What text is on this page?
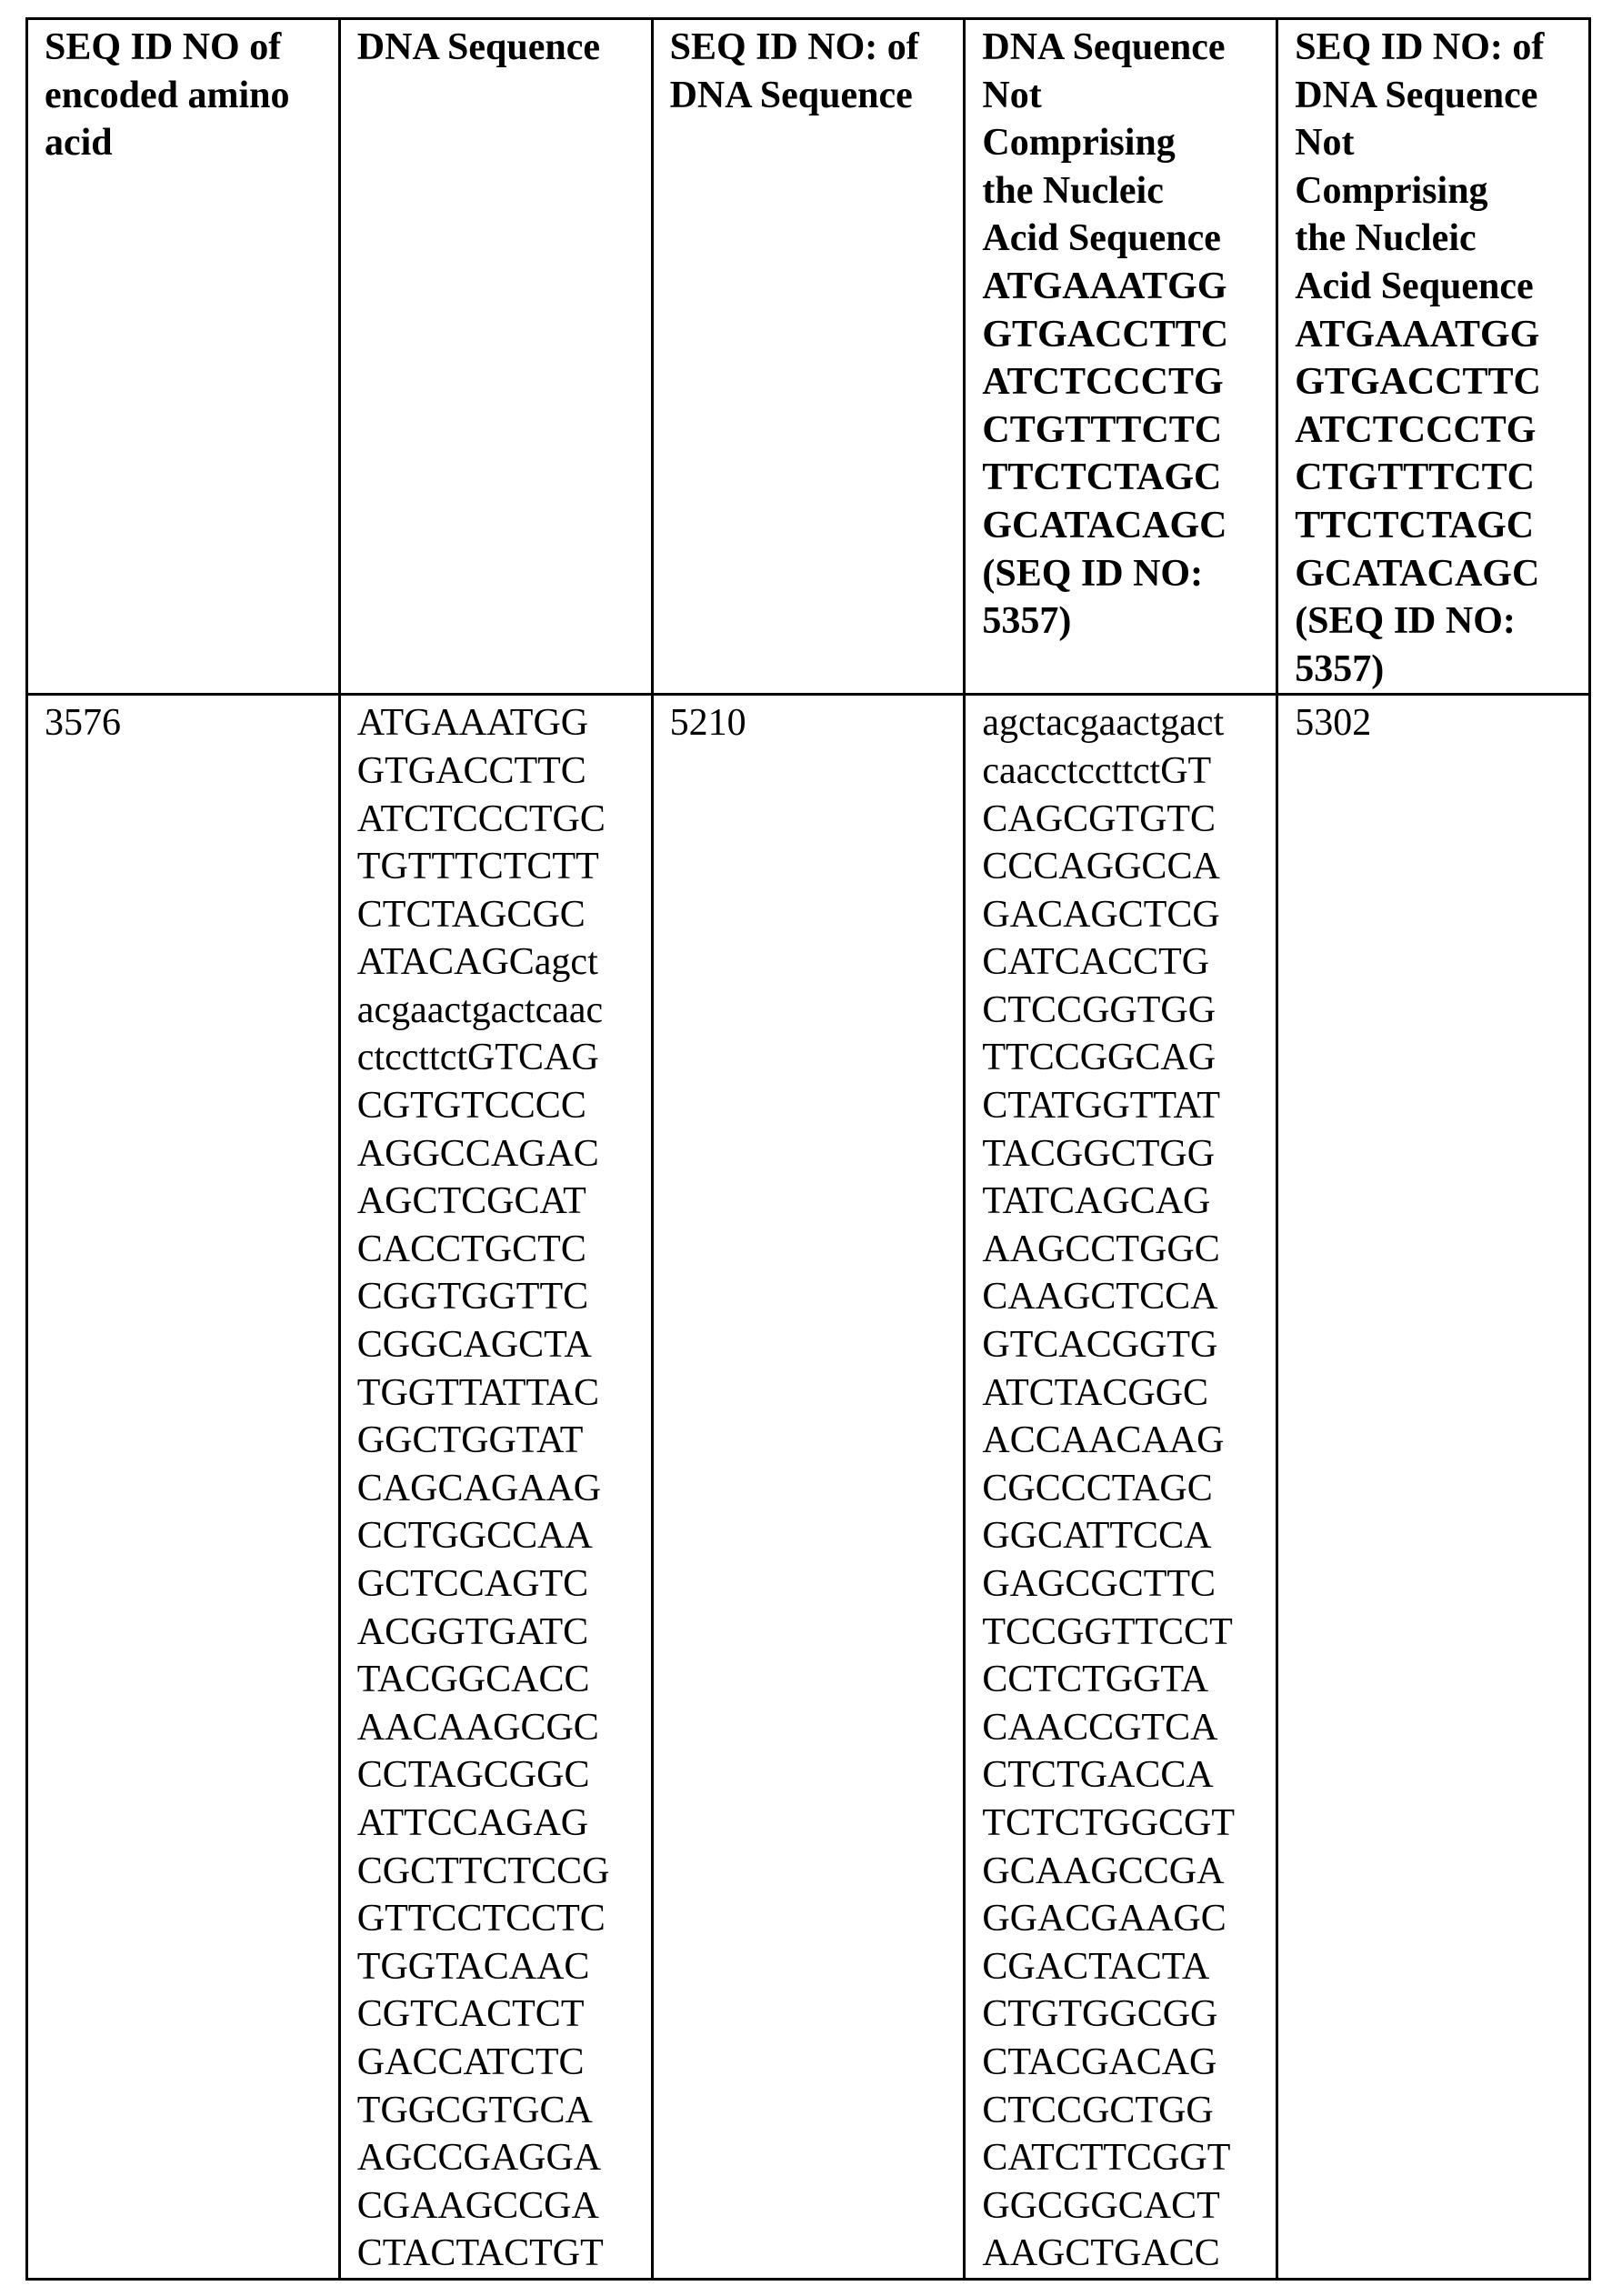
SEQ ID NO of
encoded amino
acid

DNA Sequence	SEQ ID NO: of
DNA Sequence

DNA Sequence
Not
Comprising
the Nucleic
Acid Sequence
ATGAAATGG
GTGACCTTC
ATCTCCCTG
CTGTTTCTC
TTCTCTAGC
GCATACAGC
(SEQ ID NO:
5357)

SEQ ID NO: of
DNA Sequence
Not
Comprising
the Nucleic
Acid Sequence
ATGAAATGG
GTGACCTTC
ATCTCCCTG
CTGTTTCTC
TTCTCTAGC
GCATACAGC
(SEQ ID NO:
5357)

3576	ATGAAATGG
GTGACCTTC
ATCTCCCTGC
TGTTTCTCTT
CTCTAGCGC
ATACAGCagct
acgaactgactcaac
ctccttctGTCAG
CGTGTCCCC
AGGCCAGAC
AGCTCGCAT
CACCTGCTC
CGGTGGTTC
CGGCAGCTA
TGGTTATTAC
GGCTGGTAT
CAGCAGAAG
CCTGGCCAA
GCTCCAGTC
ACGGTGATC
TACGGCACC
AACAAGCGC
CCTAGCGGC
ATTCCAGAG
CGCTTCTCCG
GTTCCTCCTC
TGGTACAAC
CGTCACTCT
GACCATCTC
TGGCGTGCA
AGCCGAGGA
CGAAGCCGA
CTACTACTGT

5210	agctacgaactgact
caacctccttctGT
CAGCGTGTC
CCCAGGCCA
GACAGCTCG
CATCACCTG
CTCCGGTGG
TTCCGGCAG
CTATGGTTAT
TACGGCTGG
TATCAGCAG
AAGCCTGGC
CAAGCTCCA
GTCACGGTG
ATCTACGGC
ACCAACAAG
CGCCCTAGC
GGCATTCCA
GAGCGCTTC
TCCGGTTCCT
CCTCTGGTA
CAACCGTCA
CTCTGACCA
TCTCTGGCGT
GCAAGCCGA
GGACGAAGC
CGACTACTA
CTGTGGCGG
CTACGACAG
CTCCGCTGG
CATCTTCGGT
GGCGGCACT
AAGCTGACC

5302
